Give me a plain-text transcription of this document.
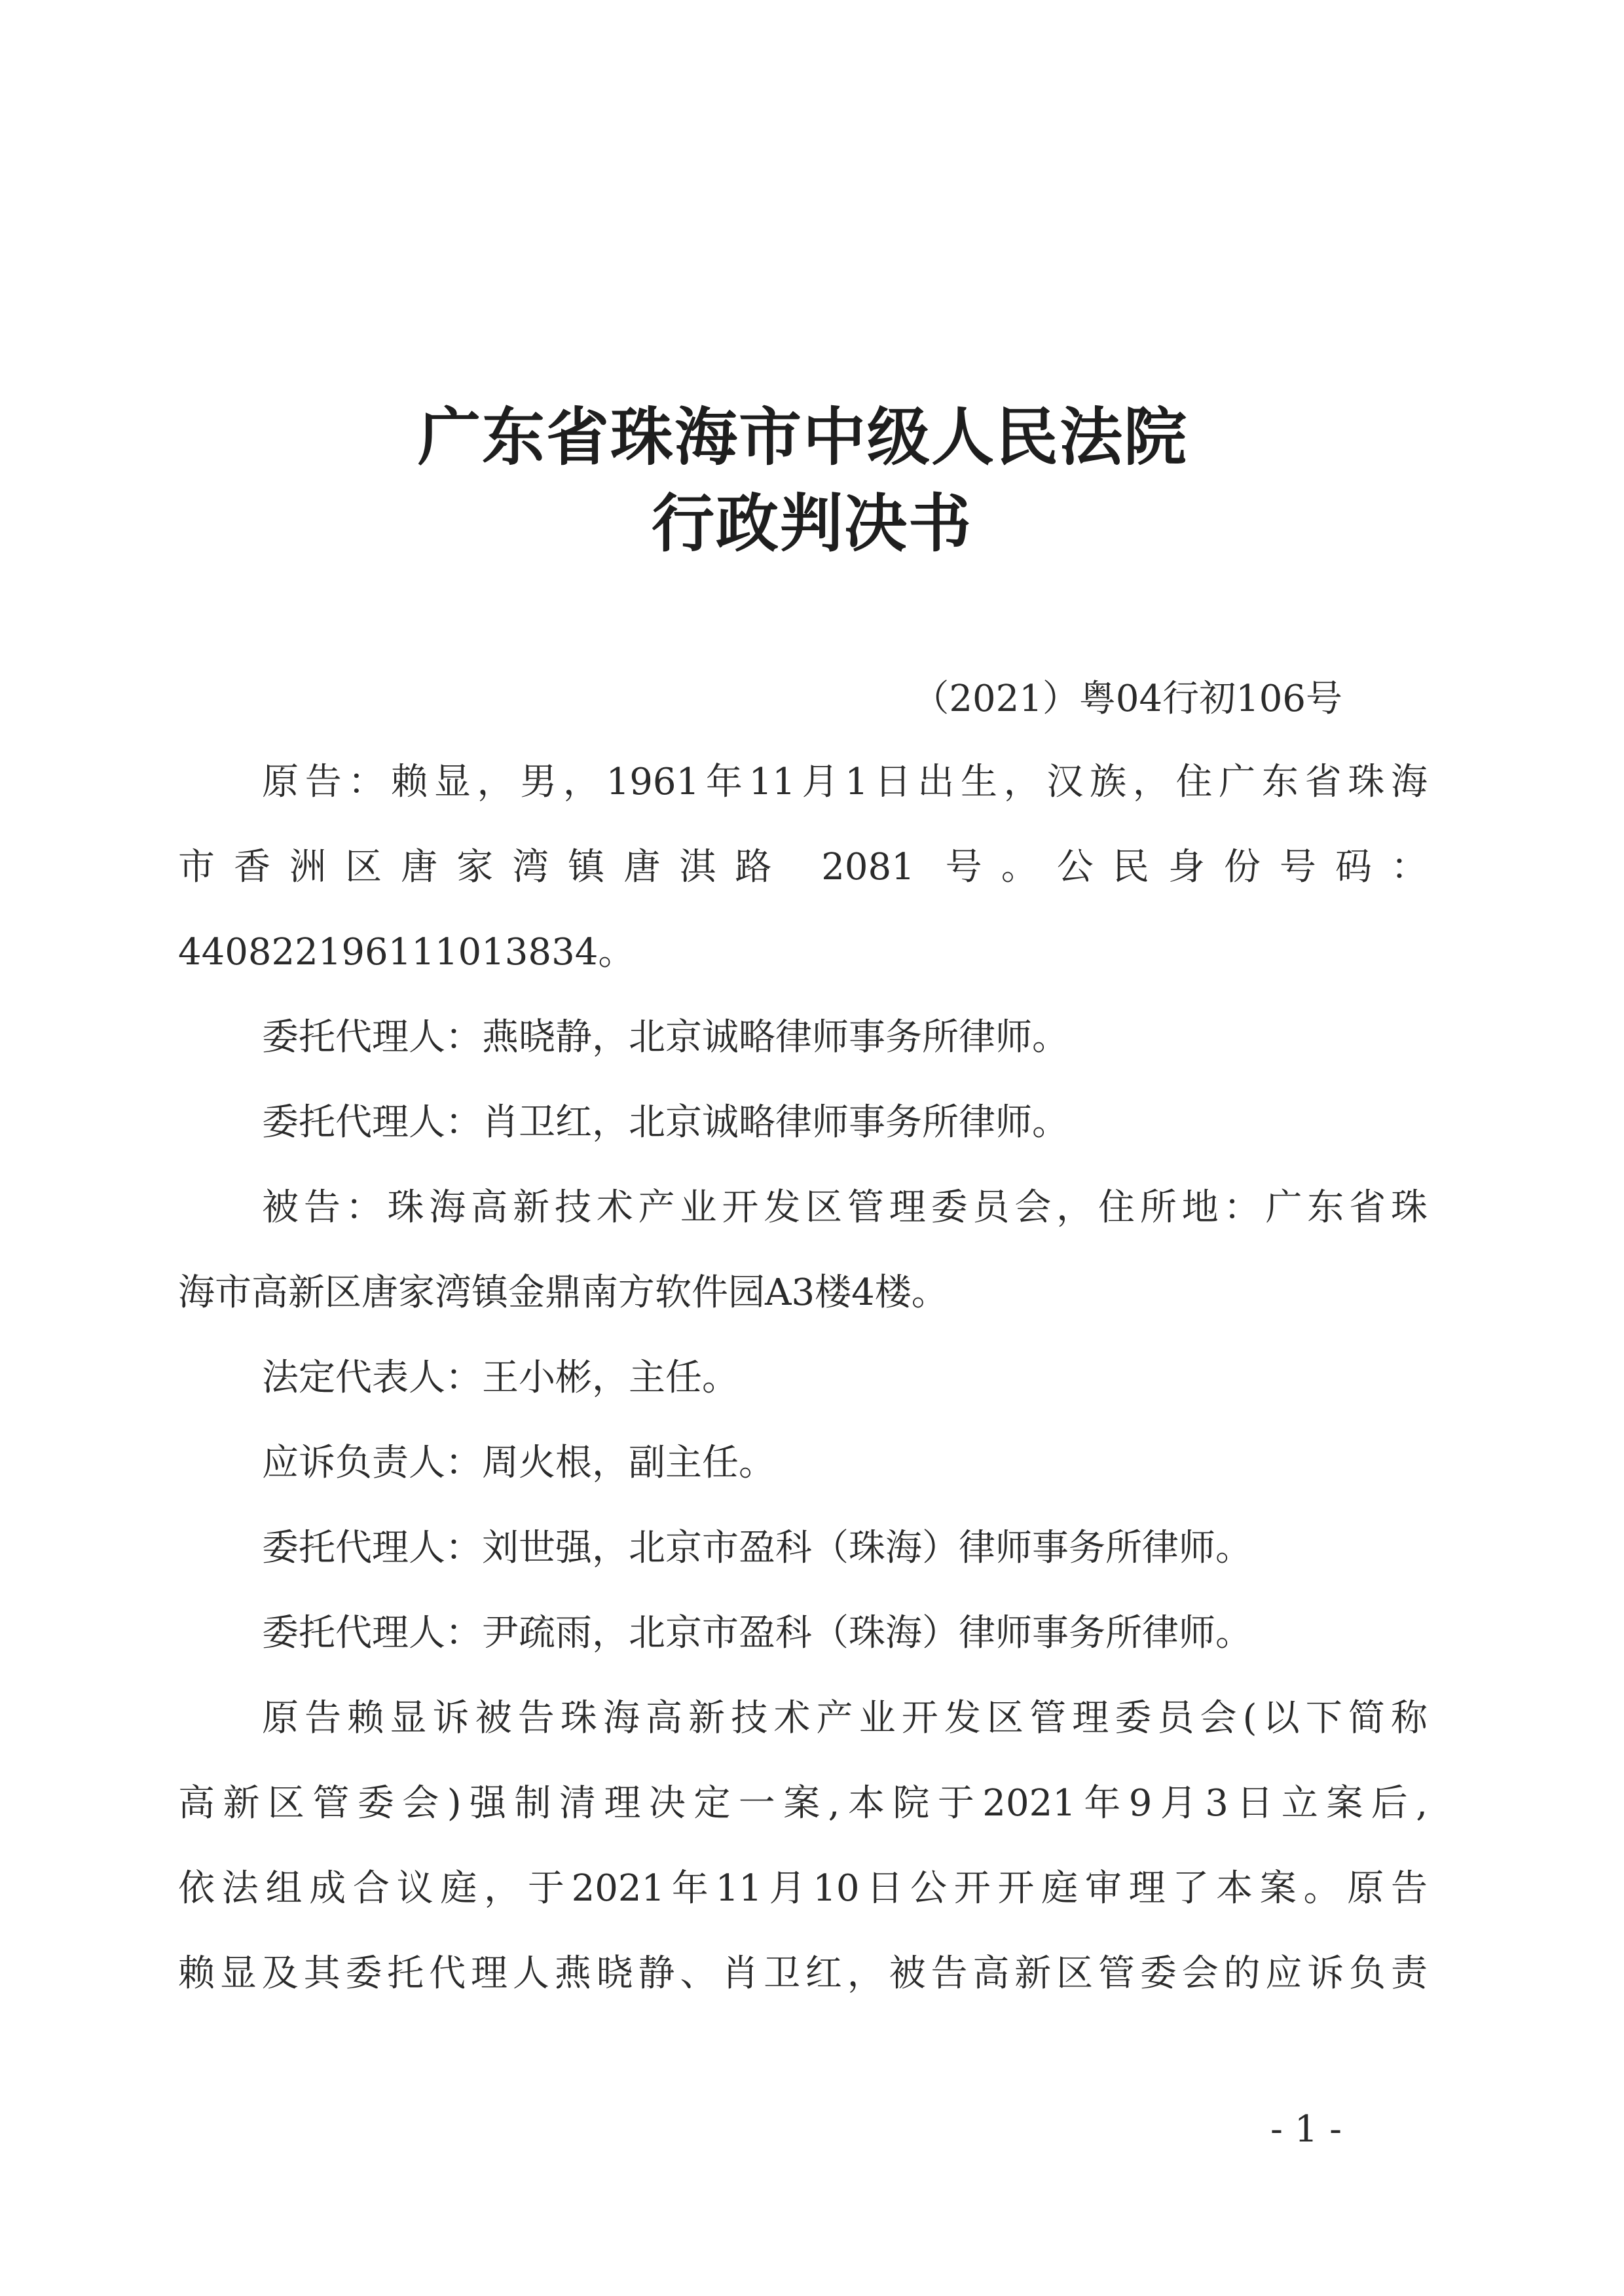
广东省珠海市中级人民法院
行政判决书
（2021）粤04行初106号
原告：赖显，男，1961年11月1日出生，汉族，住广东省珠海
市香洲区唐家湾镇唐淇路 2081 号。公民身份号码：
440822196111013834。
委托代理人：燕晓静，北京诚略律师事务所律师。
委托代理人：肖卫红，北京诚略律师事务所律师。
被告：珠海高新技术产业开发区管理委员会，住所地：广东省珠
海市高新区唐家湾镇金鼎南方软件园A3楼4楼。
法定代表人：王小彬，主任。
应诉负责人：周火根，副主任。
委托代理人：刘世强，北京市盈科（珠海）律师事务所律师。
委托代理人：尹疏雨，北京市盈科（珠海）律师事务所律师。
原告赖显诉被告珠海高新技术产业开发区管理委员会(以下简称
高新区管委会)强制清理决定一案,本院于2021年9月3日立案后,
依法组成合议庭，于2021年11月10日公开开庭审理了本案。原告
赖显及其委托代理人燕晓静、肖卫红，被告高新区管委会的应诉负责
- 1 -
